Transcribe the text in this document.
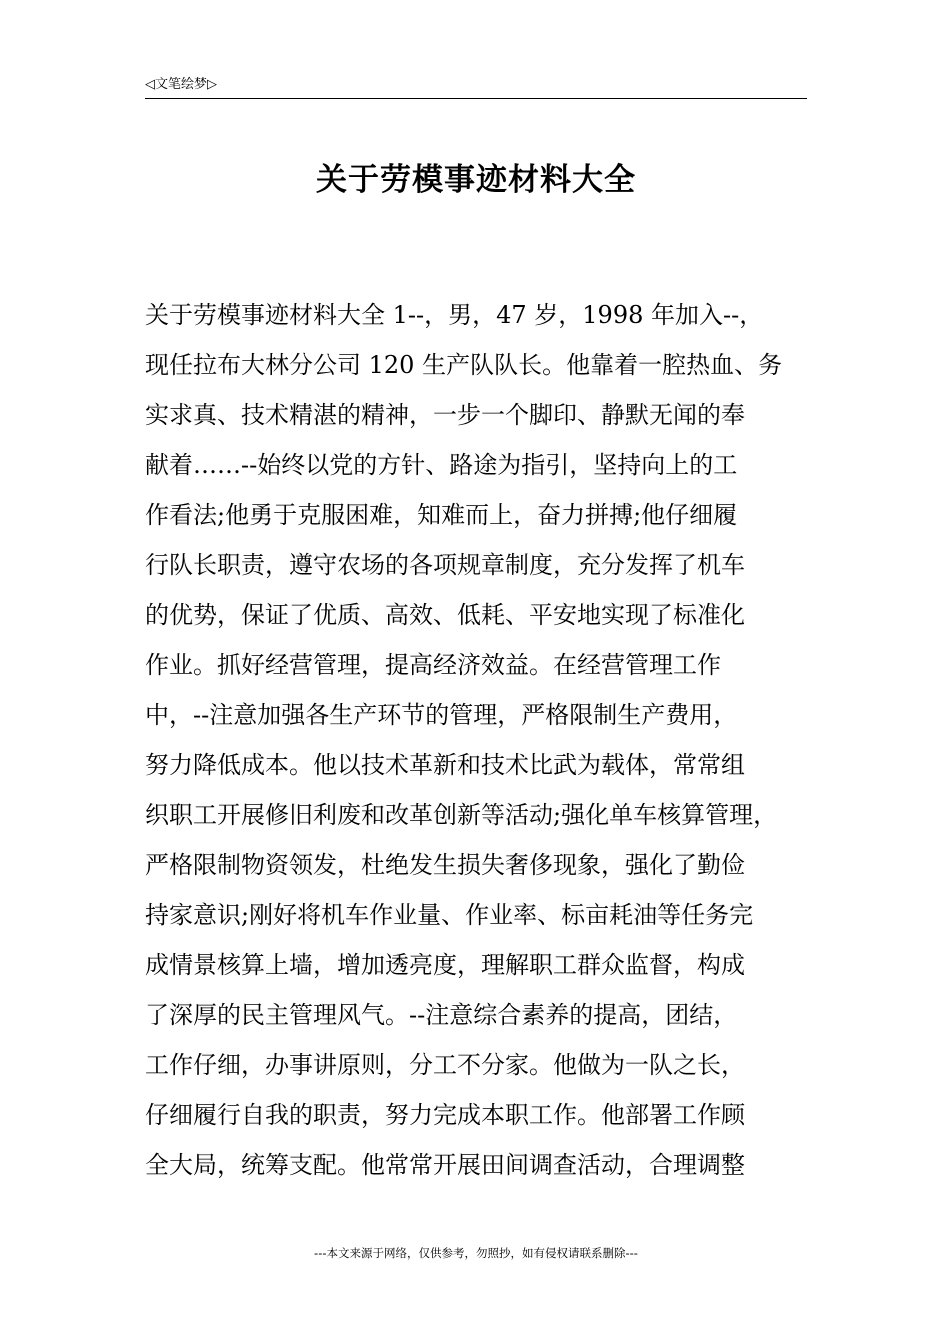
◁文笔绘梦▷
关于劳模事迹材料大全
关于劳模事迹材料大全 1--，男，47 岁，1998 年加入--，
现任拉布大林分公司 120 生产队队长。他靠着一腔热血、务
实求真、技术精湛的精神，一步一个脚印、静默无闻的奉
献着……--始终以党的方针、路途为指引，坚持向上的工
作看法;他勇于克服困难，知难而上，奋力拼搏;他仔细履
行队长职责，遵守农场的各项规章制度，充分发挥了机车
的优势，保证了优质、高效、低耗、平安地实现了标准化
作业。抓好经营管理，提高经济效益。在经营管理工作
中，--注意加强各生产环节的管理，严格限制生产费用，
努力降低成本。他以技术革新和技术比武为载体，常常组
织职工开展修旧利废和改革创新等活动;强化单车核算管理，
严格限制物资领发，杜绝发生损失奢侈现象，强化了勤俭
持家意识;刚好将机车作业量、作业率、标亩耗油等任务完
成情景核算上墙，增加透亮度，理解职工群众监督，构成
了深厚的民主管理风气。--注意综合素养的提高，团结，
工作仔细，办事讲原则，分工不分家。他做为一队之长，
仔细履行自我的职责，努力完成本职工作。他部署工作顾
全大局，统筹支配。他常常开展田间调查活动，合理调整
---本文来源于网络，仅供参考，勿照抄，如有侵权请联系删除---
